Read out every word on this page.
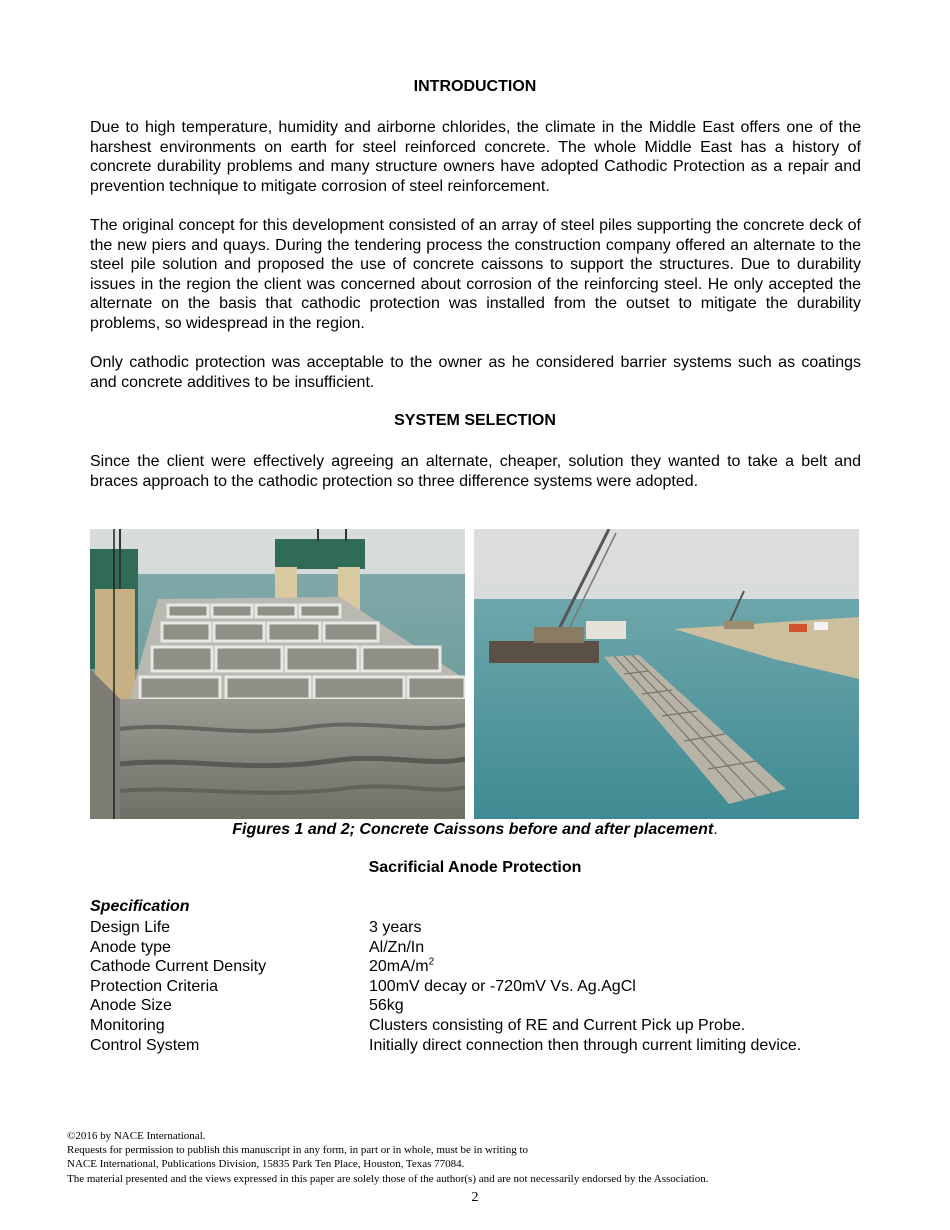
INTRODUCTION

Due to high temperature, humidity and airborne chlorides, the climate in the Middle East offers one of the harshest environments on earth for steel reinforced concrete. The whole Middle East has a history of concrete durability problems and many structure owners have adopted Cathodic Protection as a repair and prevention technique to mitigate corrosion of steel reinforcement.

The original concept for this development consisted of an array of steel piles supporting the concrete deck of the new piers and quays. During the tendering process the construction company offered an alternate to the steel pile solution and proposed the use of concrete caissons to support the structures. Due to durability issues in the region the client was concerned about corrosion of the reinforcing steel. He only accepted the alternate on the basis that cathodic protection was installed from the outset to mitigate the durability problems, so widespread in the region.

Only cathodic protection was acceptable to the owner as he considered barrier systems such as coatings and concrete additives to be insufficient.

SYSTEM SELECTION

Since the client were effectively agreeing an alternate, cheaper, solution they wanted to take a belt and braces approach to the cathodic protection so three difference systems were adopted.

Figures 1 and 2; Concrete Caissons before and after placement.
Sacrificial Anode Protection
Specification
Design Life	3 years
Anode type	Al/Zn/In
Cathode Current Density	$20mA/m^2$
Protection Criteria	100mV decay or -720mV Vs. Ag.AgCl
Anode Size	56kg
Monitoring	Clusters consisting of RE and Current Pick up Probe.
Control System	Initially direct connection then through current limiting device.
©2016 by NACE International.
Requests for permission to publish this manuscript in any form, in part or in whole, must be in writing to
NACE International, Publications Division, 15835 Park Ten Place, Houston, Texas 77084.
The material presented and the views expressed in this paper are solely those of the author(s) and are not necessarily endorsed by the Association.
2
